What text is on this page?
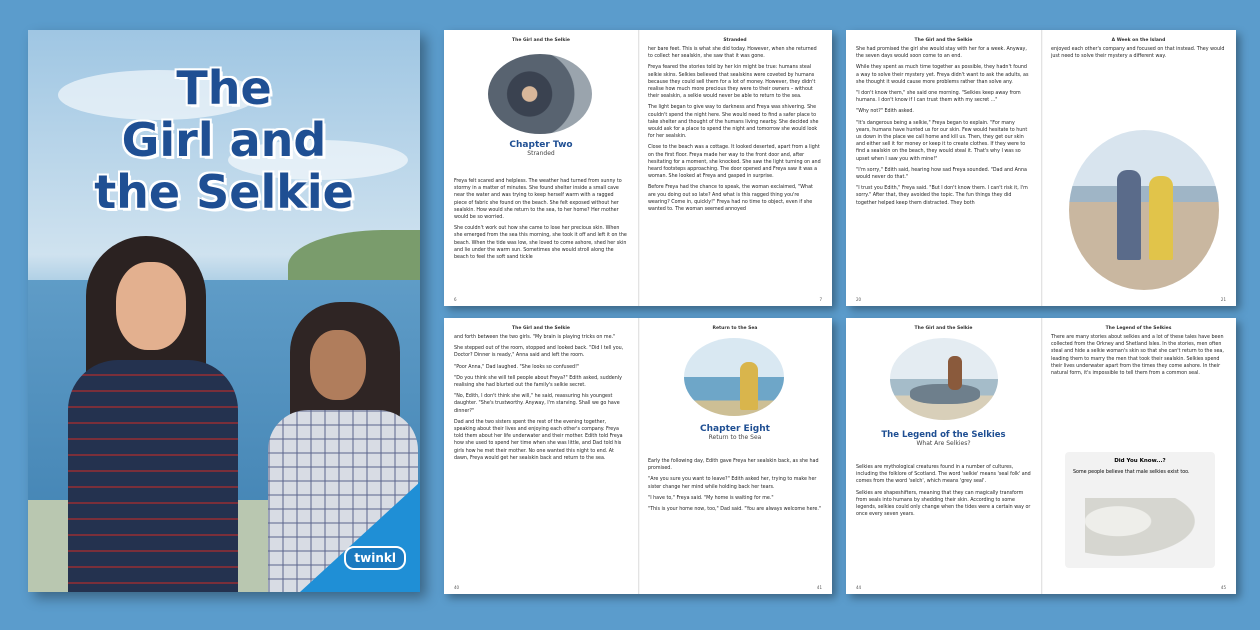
The
Girl and
the Selkie
twinkl
The Girl and the Selkie
Chapter Two
Stranded

Freya felt scared and helpless. The weather had turned from sunny to stormy in a matter of minutes. She found shelter inside a small cave near the water and was trying to keep herself warm with a ragged piece of fabric she found on the beach. She felt exposed without her sealskin. How would she return to the sea, to her home? Her mother would be so worried.

She couldn't work out how she came to lose her precious skin. When she emerged from the sea this morning, she took it off and left it on the beach. When the tide was low, she loved to come ashore, shed her skin and lie under the warm sun. Sometimes she would stroll along the beach to feel the soft sand tickle

6
Stranded

her bare feet. This is what she did today. However, when she returned to collect her sealskin, she saw that it was gone.

Freya feared the stories told by her kin might be true: humans steal selkie skins. Selkies believed that sealskins were coveted by humans because they could sell them for a lot of money. However, they didn't realise how much more precious they were to their owners – without their sealskin, a selkie would never be able to return to the sea.

The light began to give way to darkness and Freya was shivering. She couldn't spend the night here. She would need to find a safer place to take shelter and thought of the humans living nearby. She decided she would ask for a place to spend the night and tomorrow she would look for her sealskin.

Close to the beach was a cottage. It looked deserted, apart from a light on the first floor. Freya made her way to the front door and, after hesitating for a moment, she knocked. She saw the light turning on and heard footsteps approaching. The door opened and Freya saw it was a woman. She looked at Freya and gasped in surprise.

Before Freya had the chance to speak, the woman exclaimed, "What are you doing out so late? And what is this ragged thing you're wearing? Come in, quickly!" Freya had no time to object, even if she wanted to. The woman seemed annoyed

7
The Girl and the Selkie

She had promised the girl she would stay with her for a week. Anyway, the seven days would soon come to an end.

While they spent as much time together as possible, they hadn't found a way to solve their mystery yet. Freya didn't want to ask the adults, as she thought it would cause more problems rather than solve any.

"I don't know them," she said one morning. "Selkies keep away from humans. I don't know if I can trust them with my secret ..."

"Why not?" Edith asked.

"It's dangerous being a selkie," Freya began to explain. "For many years, humans have hunted us for our skin. Few would hesitate to hunt us down in the place we call home and kill us. Then, they get our skin and either sell it for money or keep it to create clothes. If they were to find a sealskin on the beach, they would steal it. That's why I was so upset when I saw you with mine!"

"I'm sorry," Edith said, hearing how sad Freya sounded. "Dad and Anna would never do that."

"I trust you Edith," Freya said. "But I don't know them. I can't risk it, I'm sorry." After that, they avoided the topic. The fun things they did together helped keep them distracted. They both

20
A Week on the Island

enjoyed each other's company and focused on that instead. They would just need to solve their mystery a different way.

21
The Girl and the Selkie

and forth between the two girls. "My brain is playing tricks on me."

She stepped out of the room, stopped and looked back. "Did I tell you, Doctor? Dinner is ready," Anna said and left the room.

"Poor Anna," Dad laughed. "She looks so confused!"

"Do you think she will tell people about Freya?" Edith asked, suddenly realising she had blurted out the family's selkie secret.

"No, Edith, I don't think she will," he said, reassuring his youngest daughter. "She's trustworthy. Anyway, I'm starving. Shall we go have dinner?"

Dad and the two sisters spent the rest of the evening together, speaking about their lives and enjoying each other's company. Freya told them about her life underwater and their mother. Edith told Freya how she used to spend her time when she was little, and Dad told his girls how he met their mother. No one wanted this night to end. At dawn, Freya would get her sealskin back and return to the sea.

40
Return to the Sea
Chapter Eight
Return to the Sea

Early the following day, Edith gave Freya her sealskin back, as she had promised.

"Are you sure you want to leave?" Edith asked her, trying to make her sister change her mind while holding back her tears.

"I have to," Freya said. "My home is waiting for me."

"This is your home now, too," Dad said. "You are always welcome here."

41
The Girl and the Selkie
The Legend of the Selkies
What Are Selkies?

Selkies are mythological creatures found in a number of cultures, including the folklore of Scotland. The word 'selkie' means 'seal folk' and comes from the word 'selch', which means 'grey seal'.

Selkies are shapeshifters, meaning that they can magically transform from seals into humans by shedding their skin. According to some legends, selkies could only change when the tides were a certain way or once every seven years.

44
The Legend of the Selkies

There are many stories about selkies and a lot of these tales have been collected from the Orkney and Shetland Isles. In the stories, men often steal and hide a selkie woman's skin so that she can't return to the sea, leading them to marry the men that took their sealskin. Selkies spend their lives underwater apart from the times they come ashore. In their natural form, it's impossible to tell them from a common seal.

Did You Know...?
Some people believe that male selkies exist too.
45
